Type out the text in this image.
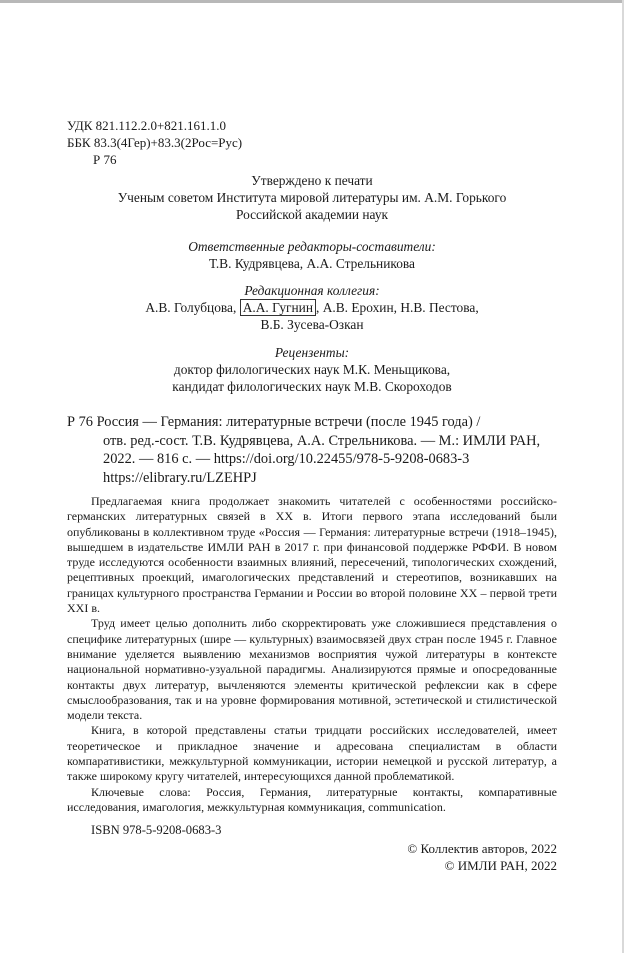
УДК 821.112.2.0+821.161.1.0
ББК 83.3(4Гер)+83.3(2Рос=Рус)
Р 76
Утверждено к печати
Ученым советом Института мировой литературы им. А.М. Горького
Российской академии наук
Ответственные редакторы-составители:
Т.В. Кудрявцева, А.А. Стрельникова
Редакционная коллегия:
А.В. Голубцова, А.А. Гугнин , А.В. Ерохин, Н.В. Пестова,
В.Б. Зусева-Озкан
Рецензенты:
доктор филологических наук М.К. Меньщикова,
кандидат филологических наук М.В. Скороходов
Р 76 Россия — Германия: литературные встречи (после 1945 года) /
отв. ред.-сост. Т.В. Кудрявцева, А.А. Стрельникова. — М.: ИМЛИ РАН,
2022. — 816 с. — https://doi.org/10.22455/978-5-9208-0683-3
https://elibrary.ru/LZEHPJ

Предлагаемая книга продолжает знакомить читателей с особенностями российско-германских литературных связей в XX в. Итоги первого этапа исследований были опубликованы в коллективном труде «Россия — Германия: литературные встречи (1918–1945), вышедшем в издательстве ИМЛИ РАН в 2017 г. при финансовой поддержке РФФИ. В новом труде исследуются особенности взаимных влияний, пересечений, типологических схождений, рецептивных проекций, имагологических представлений и стереотипов, возникавших на границах культурного пространства Германии и России во второй половине XX – первой трети XXI в.

Труд имеет целью дополнить либо скорректировать уже сложившиеся представления о специфике литературных (шире — культурных) взаимосвязей двух стран после 1945 г. Главное внимание уделяется выявлению механизмов восприятия чужой литературы в контексте национальной нормативно-узуальной парадигмы. Анализируются прямые и опосредованные контакты двух литератур, вычленяются элементы критической рефлексии как в сфере смыслообразования, так и на уровне формирования мотивной, эстетической и стилистической модели текста.

Книга, в которой представлены статьи тридцати российских исследователей, имеет теоретическое и прикладное значение и адресована специалистам в области компаративистики, межкультурной коммуникации, истории немецкой и русской литератур, а также широкому кругу читателей, интересующихся данной проблематикой.

Ключевые слова: Россия, Германия, литературные контакты, компаративные исследования, имагология, межкультурная коммуникация, communication.

ISBN 978-5-9208-0683-3
© Коллектив авторов, 2022
© ИМЛИ РАН, 2022
